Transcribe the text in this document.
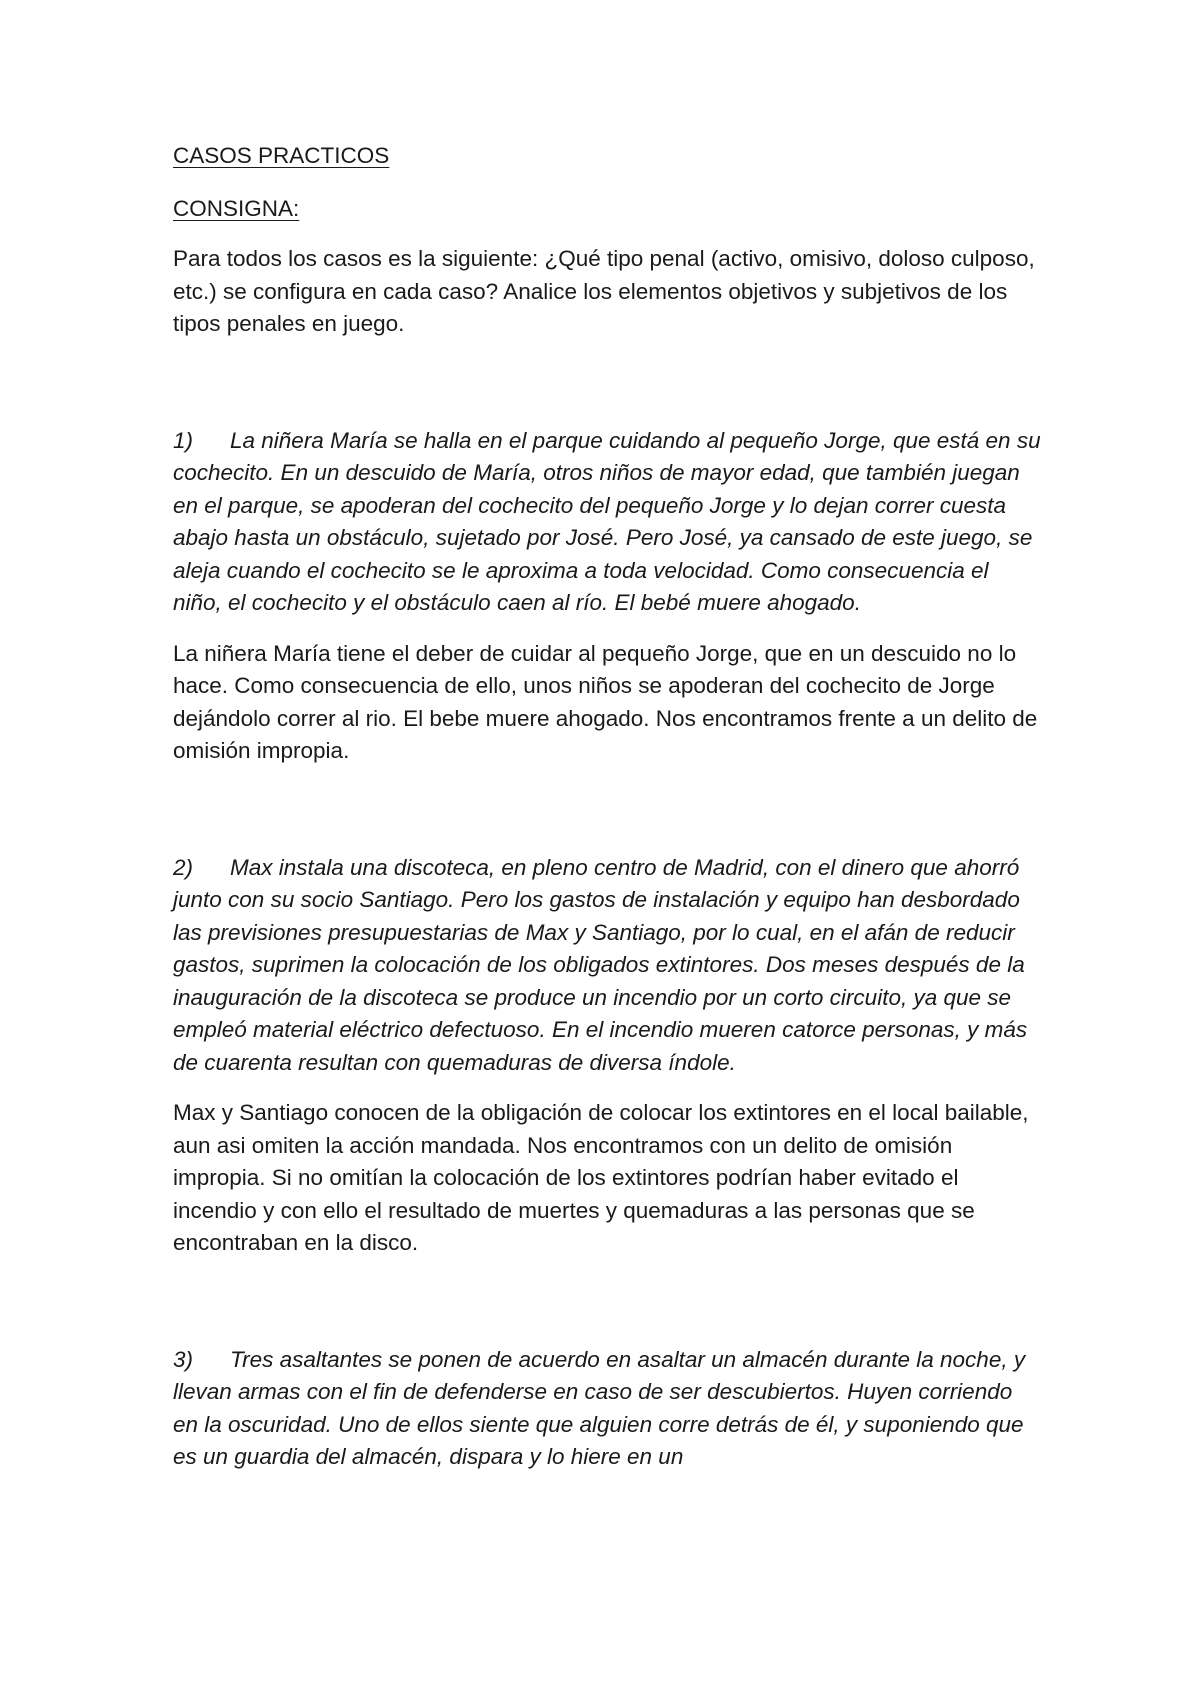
CASOS PRACTICOS

CONSIGNA:

Para todos los casos es la siguiente: ¿Qué tipo penal (activo, omisivo, doloso culposo, etc.) se configura en cada caso? Analice los elementos objetivos y subjetivos de los tipos penales en juego.

1) La niñera María se halla en el parque cuidando al pequeño Jorge, que está en su cochecito. En un descuido de María, otros niños de mayor edad, que también juegan en el parque, se apoderan del cochecito del pequeño Jorge y lo dejan correr cuesta abajo hasta un obstáculo, sujetado por José. Pero José, ya cansado de este juego, se aleja cuando el cochecito se le aproxima a toda velocidad. Como consecuencia el niño, el cochecito y el obstáculo caen al río. El bebé muere ahogado.

La niñera María tiene el deber de cuidar al pequeño Jorge, que en un descuido no lo hace. Como consecuencia de ello, unos niños se apoderan del cochecito de Jorge dejándolo correr al rio. El bebe muere ahogado. Nos encontramos frente a un delito de omisión impropia.

2) Max instala una discoteca, en pleno centro de Madrid, con el dinero que ahorró junto con su socio Santiago. Pero los gastos de instalación y equipo han desbordado las previsiones presupuestarias de Max y Santiago, por lo cual, en el afán de reducir gastos, suprimen la colocación de los obligados extintores. Dos meses después de la inauguración de la discoteca se produce un incendio por un corto circuito, ya que se empleó material eléctrico defectuoso. En el incendio mueren catorce personas, y más de cuarenta resultan con quemaduras de diversa índole.

Max y Santiago conocen de la obligación de colocar los extintores en el local bailable, aun asi omiten la acción mandada. Nos encontramos con un delito de omisión impropia. Si no omitían la colocación de los extintores podrían haber evitado el incendio y con ello el resultado de muertes y quemaduras a las personas que se encontraban en la disco.

3) Tres asaltantes se ponen de acuerdo en asaltar un almacén durante la noche, y llevan armas con el fin de defenderse en caso de ser descubiertos. Huyen corriendo en la oscuridad. Uno de ellos siente que alguien corre detrás de él, y suponiendo que es un guardia del almacén, dispara y lo hiere en un
